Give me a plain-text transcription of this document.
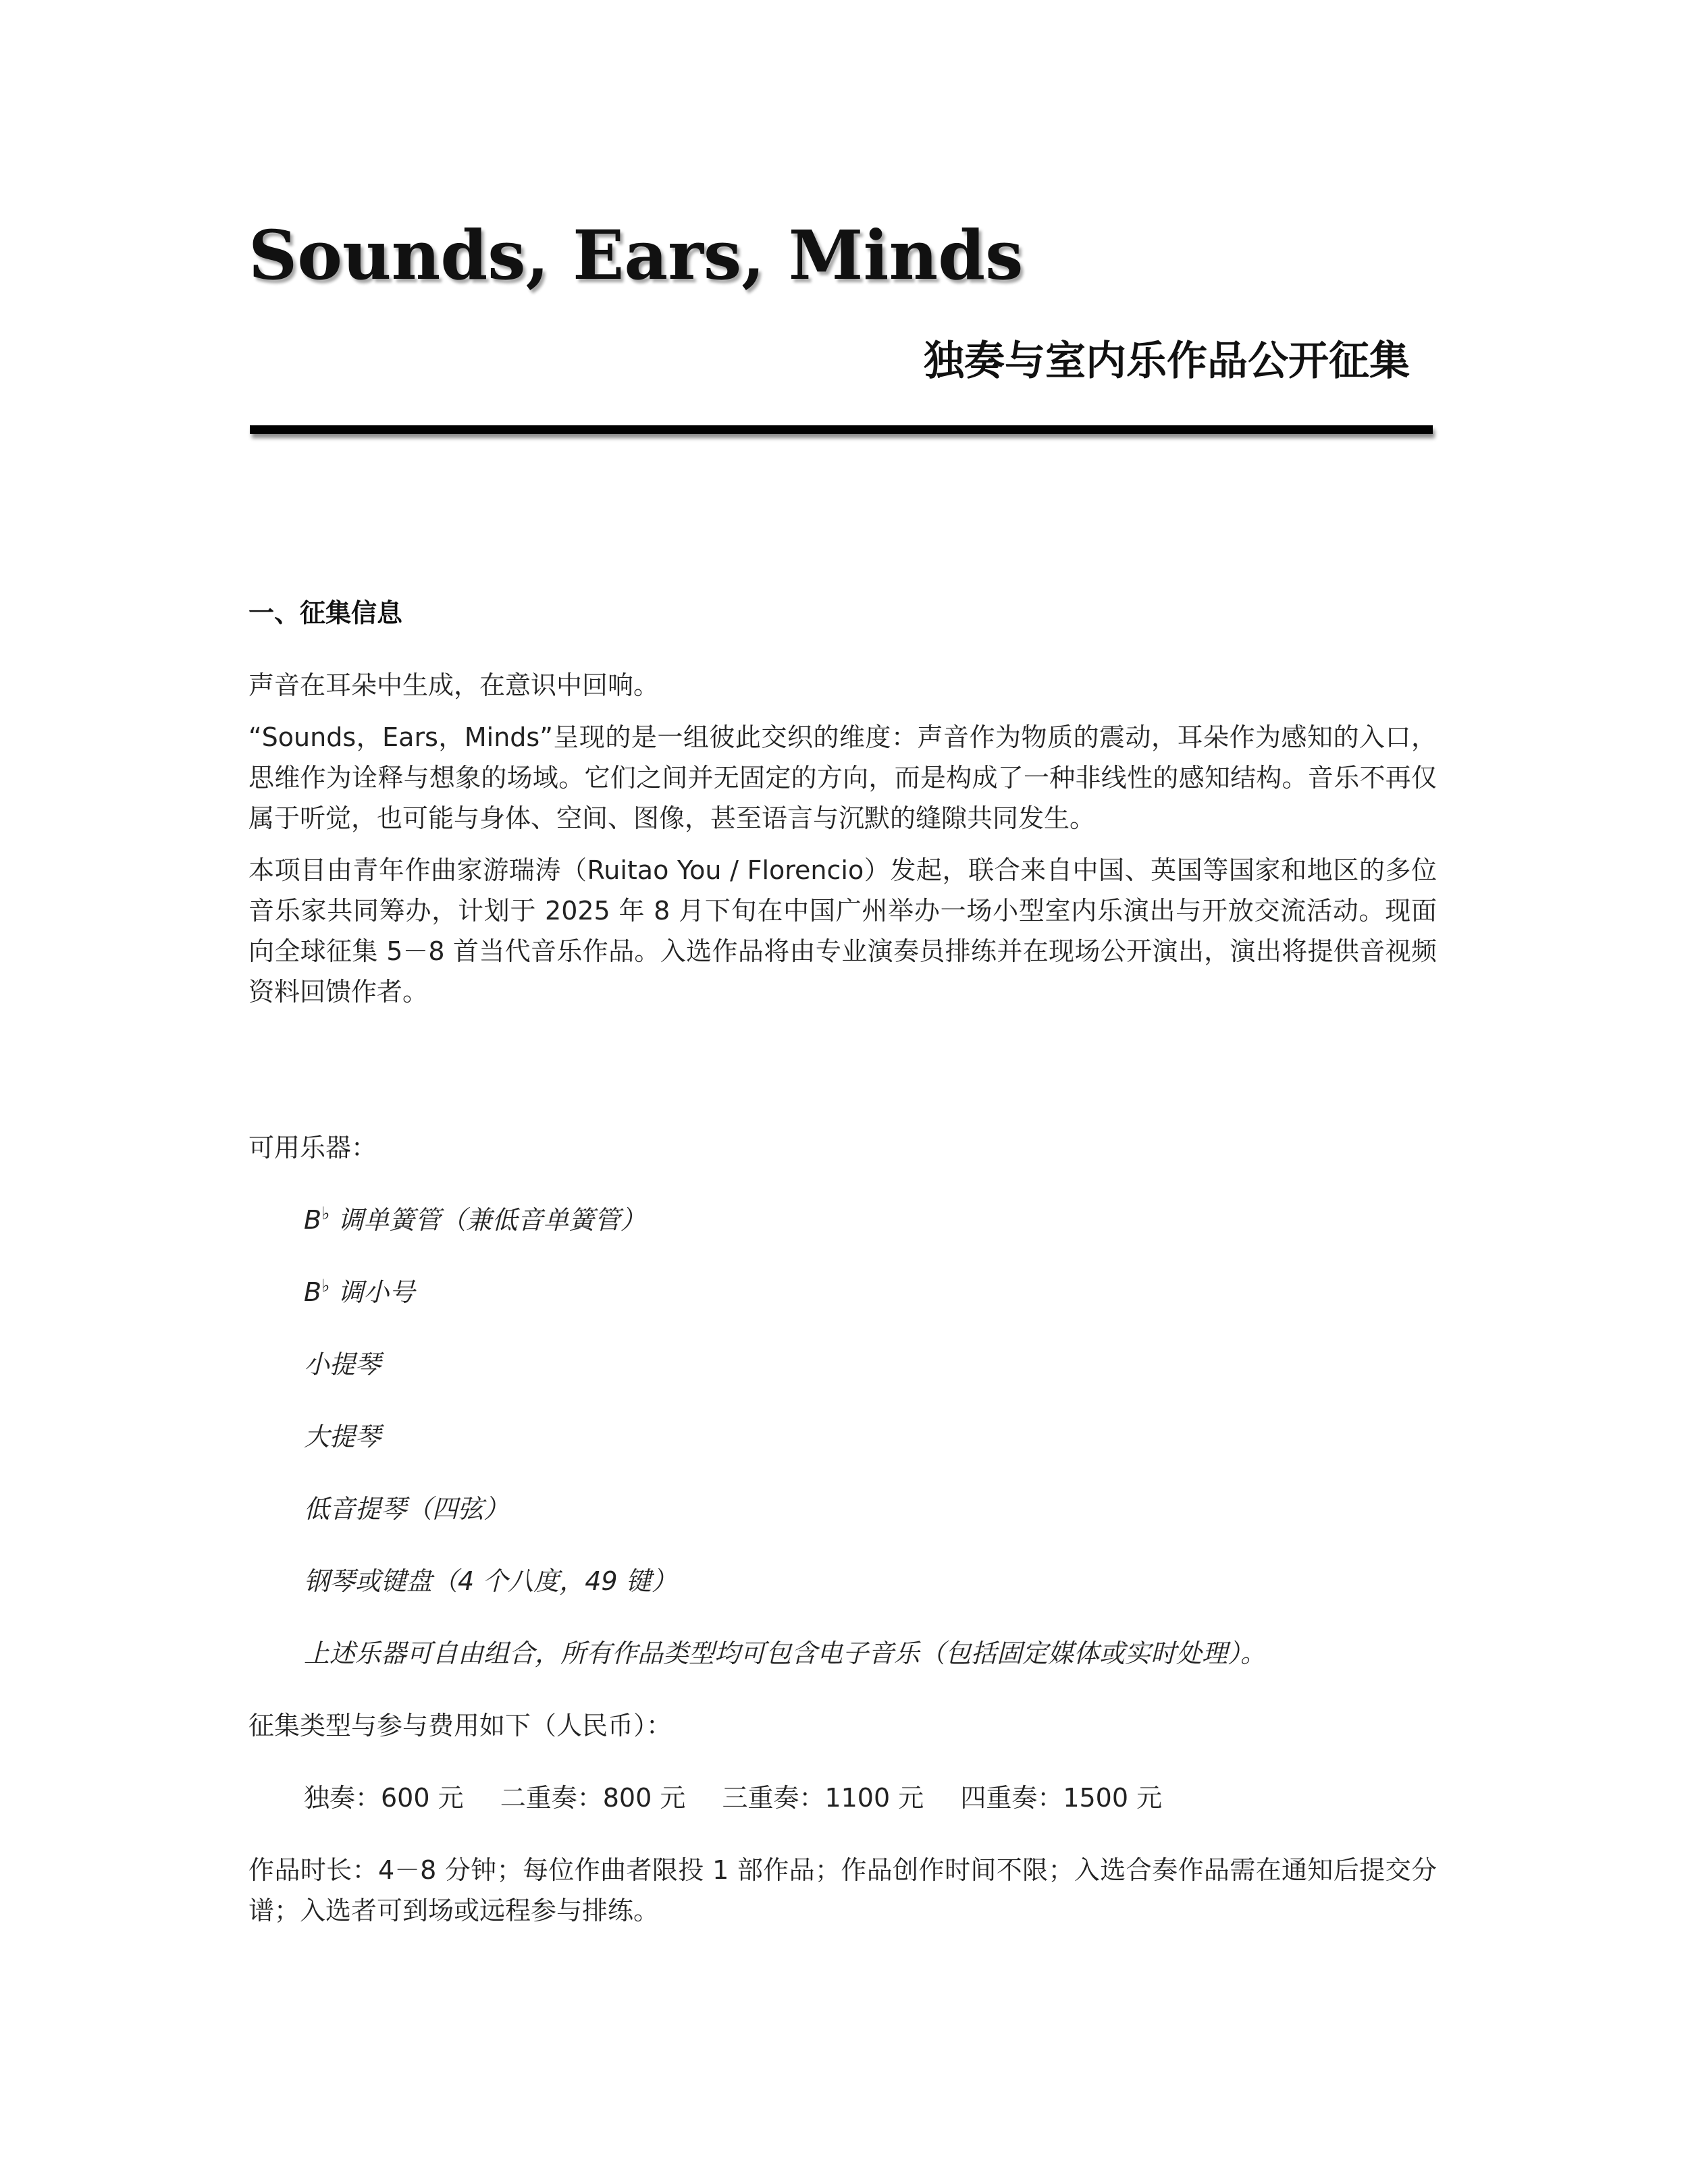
Sounds, Ears, Minds
独奏与室内乐作品公开征集
一、征集信息

声音在耳朵中生成，在意识中回响。

“Sounds，Ears，Minds”呈现的是一组彼此交织的维度：声音作为物质的震动，耳朵作为感知的入口，思维作为诠释与想象的场域。它们之间并无固定的方向，而是构成了一种非线性的感知结构。音乐不再仅属于听觉，也可能与身体、空间、图像，甚至语言与沉默的缝隙共同发生。

本项目由青年作曲家游瑞涛（Ruitao You / Florencio）发起，联合来自中国、英国等国家和地区的多位音乐家共同筹办，计划于 2025 年 8 月下旬在中国广州举办一场小型室内乐演出与开放交流活动。现面向全球征集 5－8 首当代音乐作品。入选作品将由专业演奏员排练并在现场公开演出，演出将提供音视频资料回馈作者。

可用乐器：
B♭ 调单簧管（兼低音单簧管）
B♭ 调小号
小提琴
大提琴
低音提琴（四弦）
钢琴或键盘（4 个八度，49 键）
上述乐器可自由组合，所有作品类型均可包含电子音乐（包括固定媒体或实时处理）。
征集类型与参与费用如下（人民币）：
独奏：600 元 二重奏：800 元 三重奏：1100 元 四重奏：1500 元

作品时长：4－8 分钟；每位作曲者限投 1 部作品；作品创作时间不限；入选合奏作品需在通知后提交分谱；入选者可到场或远程参与排练。
